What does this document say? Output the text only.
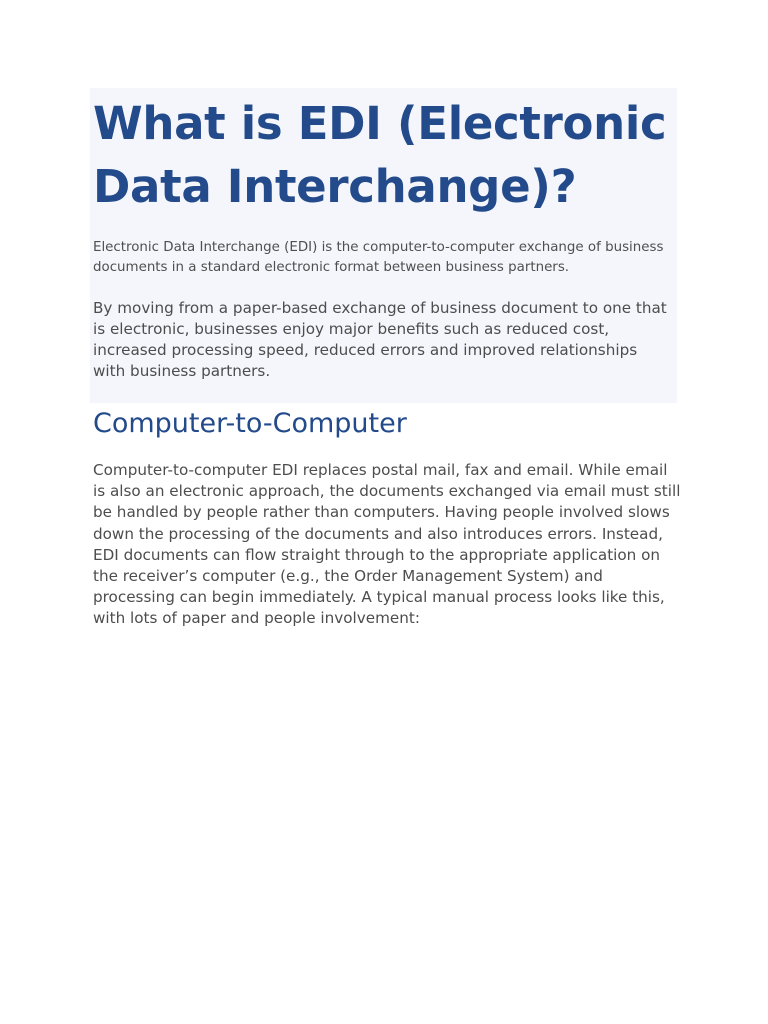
What is EDI (Electronic Data Interchange)?

Electronic Data Interchange (EDI) is the computer-to-computer exchange of business documents in a standard electronic format between business partners.

By moving from a paper-based exchange of business document to one that is electronic, businesses enjoy major benefits such as reduced cost, increased processing speed, reduced errors and improved relationships with business partners.

Computer-to-Computer

Computer-to-computer EDI replaces postal mail, fax and email. While email is also an electronic approach, the documents exchanged via email must still be handled by people rather than computers. Having people involved slows down the processing of the documents and also introduces errors. Instead, EDI documents can flow straight through to the appropriate application on the receiver’s computer (e.g., the Order Management System) and processing can begin immediately. A typical manual process looks like this, with lots of paper and people involvement:
